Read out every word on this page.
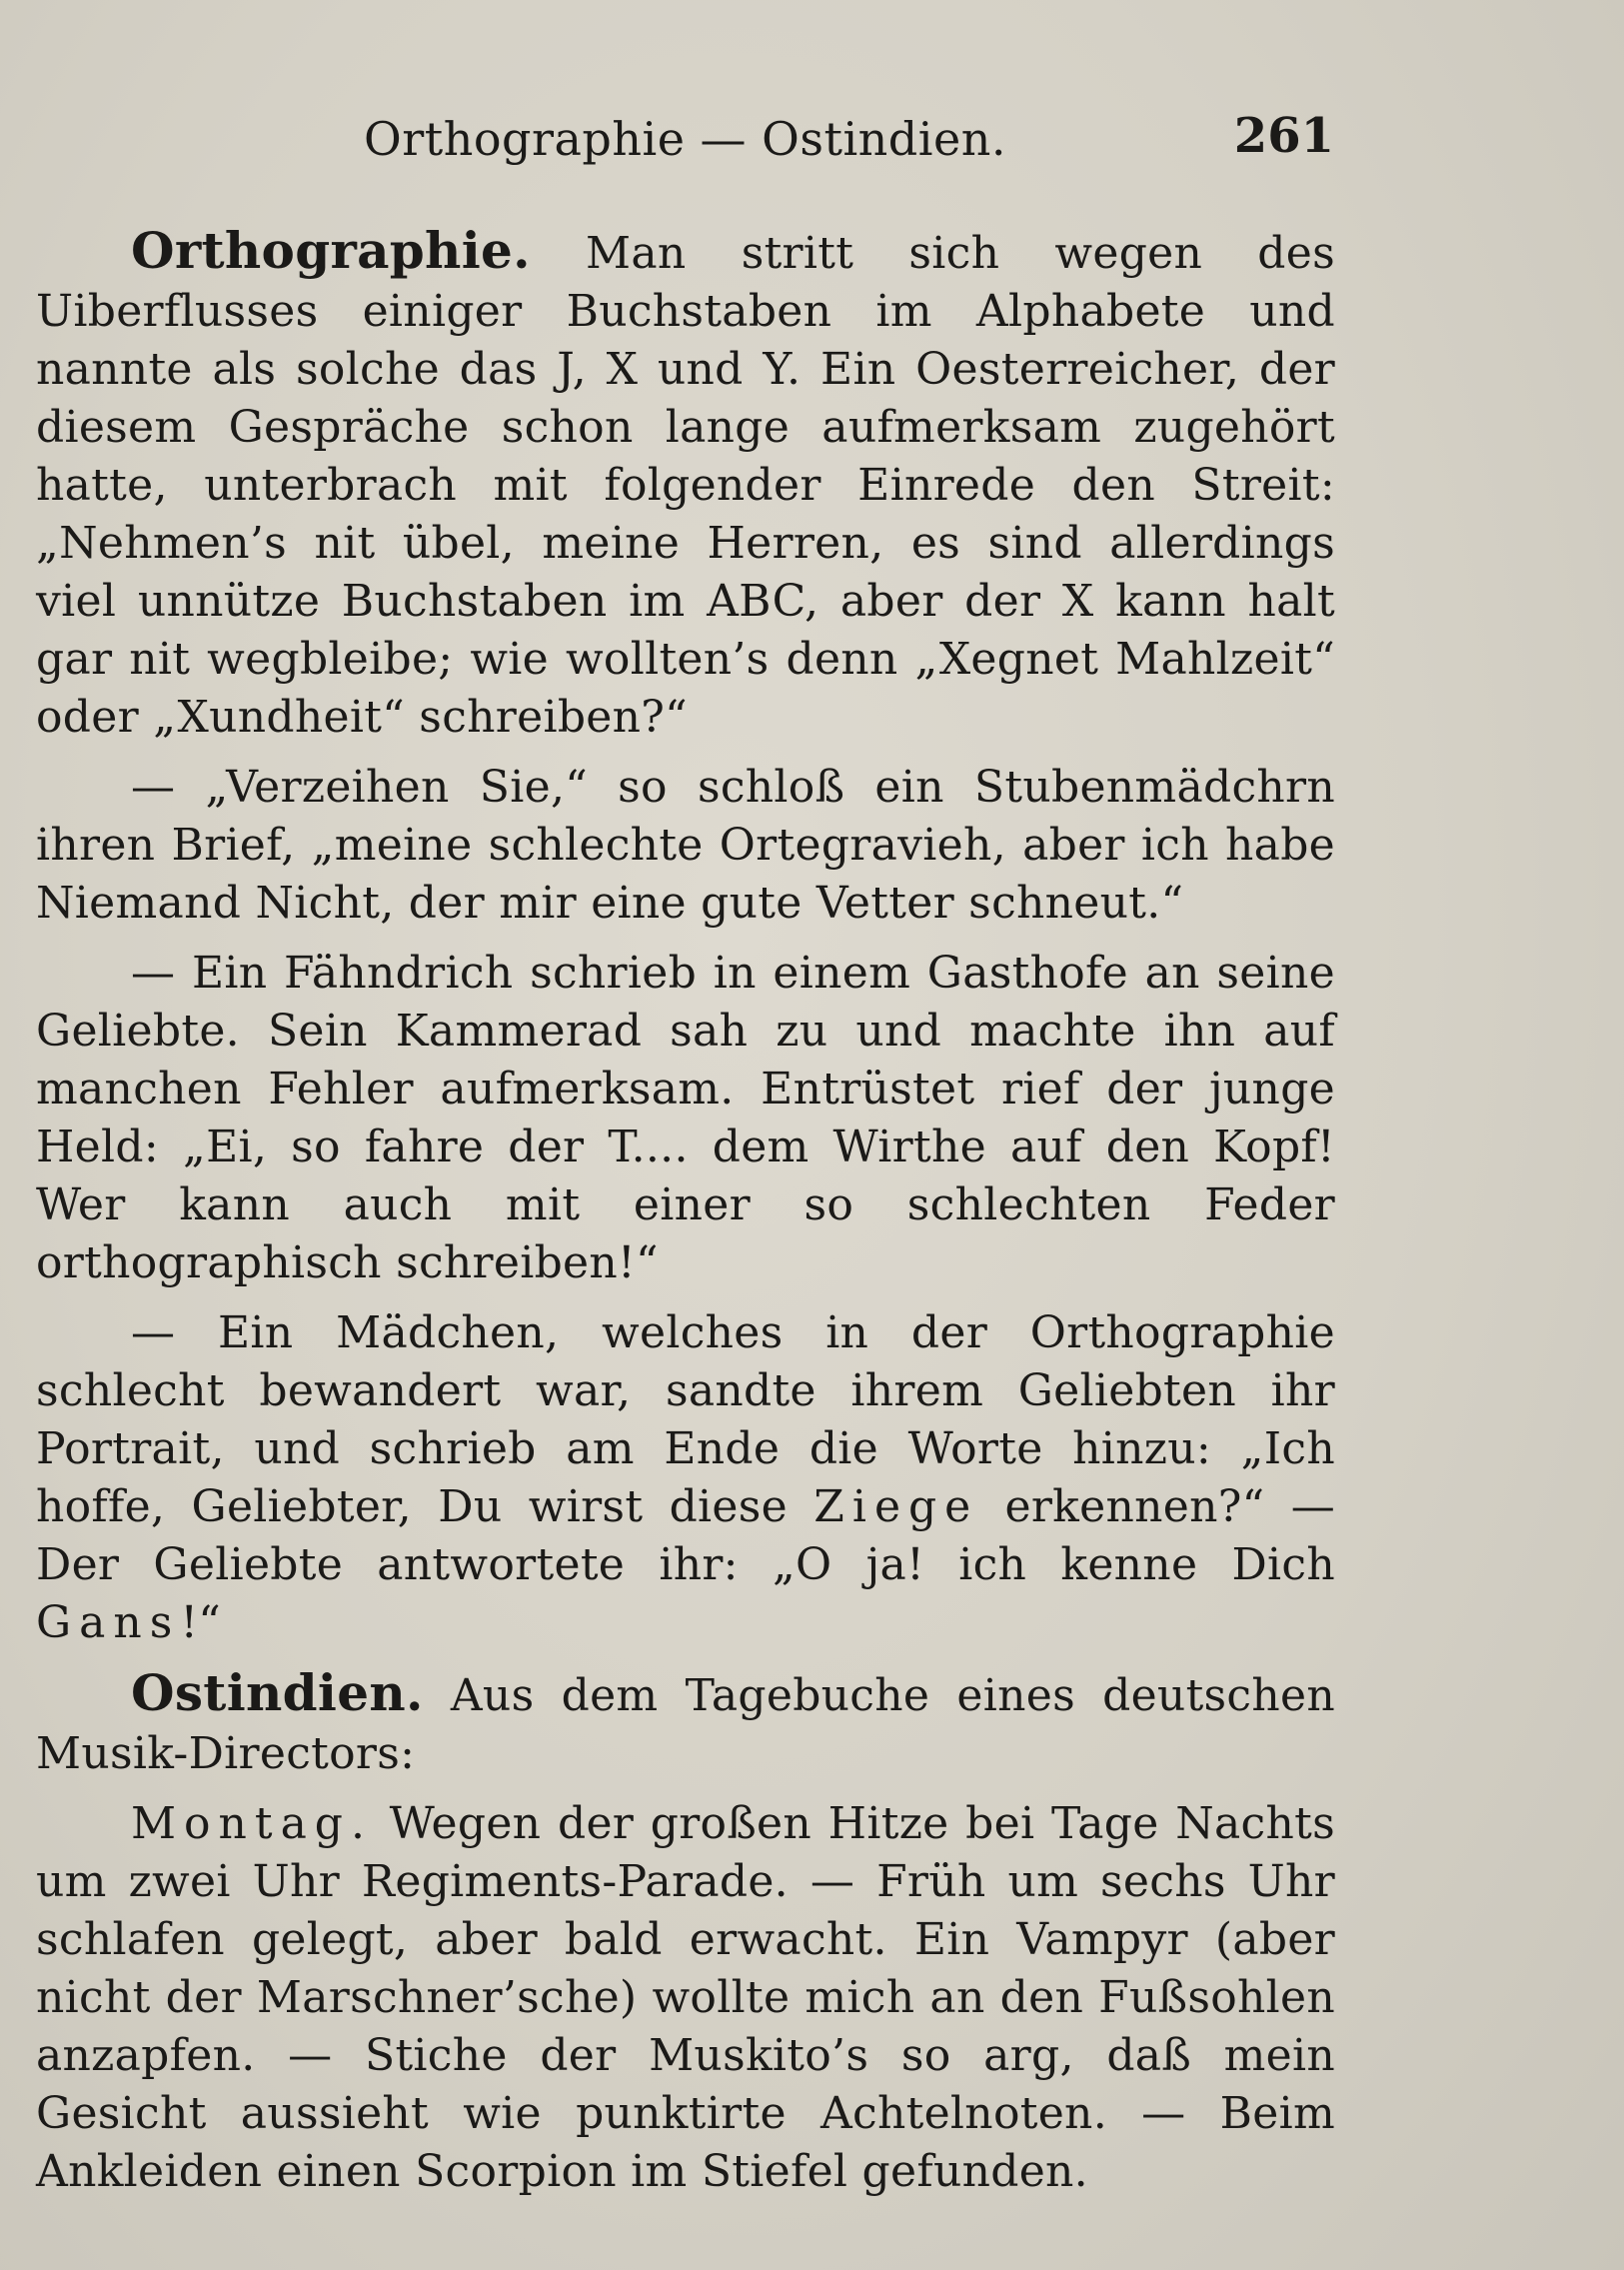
Orthographie — Ostindien.	261

Orthographie. Man stritt sich wegen des Uiberflusses einiger Buchstaben im Alphabete und nannte als solche das J, X und Y. Ein Oesterreicher, der diesem Gespräche schon lange aufmerksam zugehört hatte, unterbrach mit folgender Einrede den Streit: „Nehmen’s nit übel, meine Herren, es sind allerdings viel unnütze Buchstaben im ABC, aber der X kann halt gar nit wegbleibe; wie wollten’s denn „Xegnet Mahlzeit“ oder „Xundheit“ schreiben?“

— „Verzeihen Sie,“ so schloß ein Stubenmädchrn ihren Brief, „meine schlechte Ortegravieh, aber ich habe Niemand Nicht, der mir eine gute Vetter schneut.“

— Ein Fähndrich schrieb in einem Gasthofe an seine Geliebte. Sein Kammerad sah zu und machte ihn auf manchen Fehler aufmerksam. Entrüstet rief der junge Held: „Ei, so fahre der T.... dem Wirthe auf den Kopf! Wer kann auch mit einer so schlechten Feder orthographisch schreiben!“

— Ein Mädchen, welches in der Orthographie schlecht bewandert war, sandte ihrem Geliebten ihr Portrait, und schrieb am Ende die Worte hinzu: „Ich hoffe, Geliebter, Du wirst diese Ziege erkennen?“ — Der Geliebte antwortete ihr: „O ja! ich kenne Dich Gans!“

Ostindien. Aus dem Tagebuche eines deutschen Musik-Directors:

Montag. Wegen der großen Hitze bei Tage Nachts um zwei Uhr Regiments-Parade. — Früh um sechs Uhr schlafen gelegt, aber bald erwacht. Ein Vampyr (aber nicht der Marschner’sche) wollte mich an den Fußsohlen anzapfen. — Stiche der Muskito’s so arg, daß mein Gesicht aussieht wie punktirte Achtelnoten. — Beim Ankleiden einen Scorpion im Stiefel gefunden.
